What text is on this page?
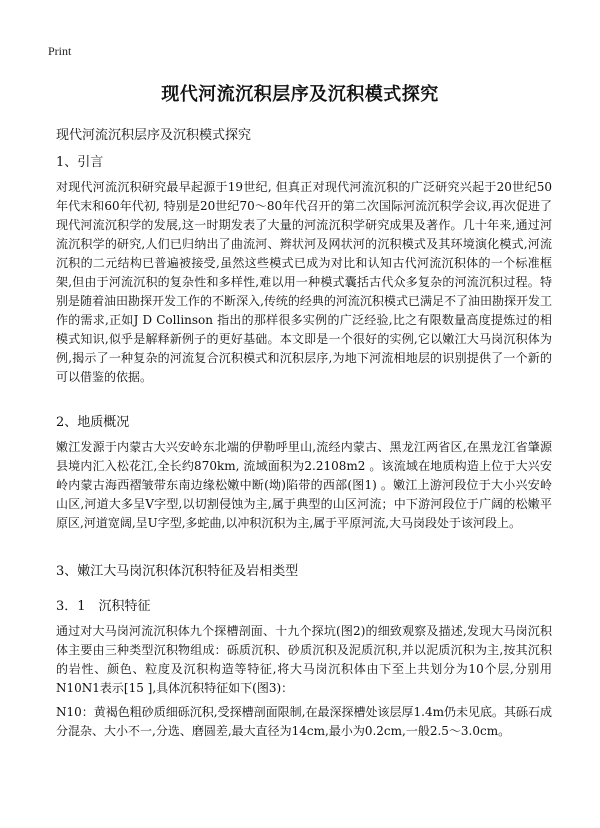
Print
现代河流沉积层序及沉积模式探究
现代河流沉积层序及沉积模式探究
1、引言

对现代河流沉积研究最早起源于19世纪, 但真正对现代河流沉积的广泛研究兴起于20世纪50年代末和60年代初, 特别是20世纪70～80年代召开的第二次国际河流沉积学会议,再次促进了现代河流沉积学的发展,这一时期发表了大量的河流沉积学研究成果及著作。几十年来,通过河流沉积学的研究,人们已归纳出了曲流河、辫状河及网状河的沉积模式及其环境演化模式,河流沉积的二元结构已普遍被接受,虽然这些模式已成为对比和认知古代河流沉积体的一个标准框架,但由于河流沉积的复杂性和多样性,难以用一种模式囊括古代众多复杂的河流沉积过程。特别是随着油田勘探开发工作的不断深入,传统的经典的河流沉积模式已满足不了油田勘探开发工作的需求,正如J D Collinson 指出的那样很多实例的广泛经验,比之有限数量高度提炼过的相模式知识,似乎是解释新例子的更好基础。本文即是一个很好的实例,它以嫩江大马岗沉积体为例,揭示了一种复杂的河流复合沉积模式和沉积层序,为地下河流相地层的识别提供了一个新的可以借鉴的依据。

2、地质概况

嫩江发源于内蒙古大兴安岭东北端的伊勒呼里山,流经内蒙古、黑龙江两省区,在黑龙江省肇源县境内汇入松花江,全长约870km, 流域面积为2.2108m2 。该流域在地质构造上位于大兴安岭内蒙古海西褶皱带东南边缘松嫩中断(坳)陷带的西部(图1) 。嫩江上游河段位于大小兴安岭山区,河道大多呈V字型,以切割侵蚀为主,属于典型的山区河流；中下游河段位于广阔的松嫩平原区,河道宽阔,呈U字型,多蛇曲,以冲积沉积为主,属于平原河流,大马岗段处于该河段上。

3、嫩江大马岗沉积体沉积特征及岩相类型
3．1　沉积特征

通过对大马岗河流沉积体九个探槽剖面、十九个探坑(图2)的细致观察及描述,发现大马岗沉积体主要由三种类型沉积物组成：砾质沉积、砂质沉积及泥质沉积,并以泥质沉积为主,按其沉积的岩性、颜色、粒度及沉积构造等特征,将大马岗沉积体由下至上共划分为10个层,分别用N10N1表示[15 ],具体沉积特征如下(图3)：

N10：黄褐色粗砂质细砾沉积,受探槽剖面限制,在最深探槽处该层厚1.4m仍未见底。其砾石成分混杂、大小不一,分选、磨圆差,最大直径为14cm,最小为0.2cm,一般2.5～3.0cm。
